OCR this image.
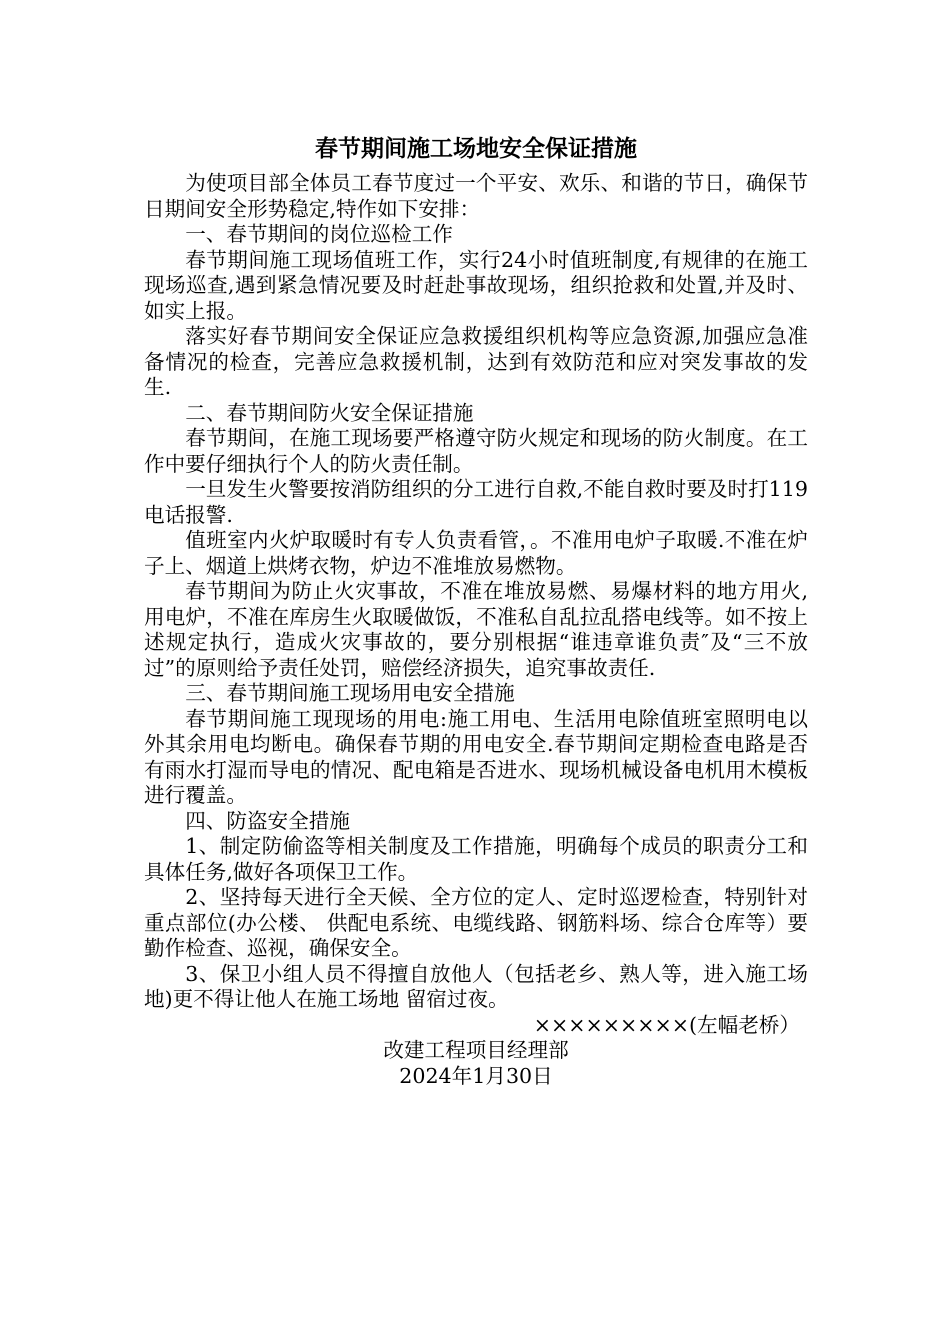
春节期间施工场地安全保证措施

为使项目部全体员工春节度过一个平安、欢乐、和谐的节日，确保节日期间安全形势稳定,特作如下安排：

一、春节期间的岗位巡检工作

春节期间施工现场值班工作，实行24小时值班制度,有规律的在施工现场巡查,遇到紧急情况要及时赶赴事故现场，组织抢救和处置,并及时、如实上报。

落实好春节期间安全保证应急救援组织机构等应急资源,加强应急准备情况的检查，完善应急救援机制，达到有效防范和应对突发事故的发生.

二、春节期间防火安全保证措施

春节期间，在施工现场要严格遵守防火规定和现场的防火制度。在工作中要仔细执行个人的防火责任制。

一旦发生火警要按消防组织的分工进行自救,不能自救时要及时打119电话报警.

值班室内火炉取暖时有专人负责看管，。不准用电炉子取暖.不准在炉子上、烟道上烘烤衣物，炉边不准堆放易燃物。

春节期间为防止火灾事故，不准在堆放易燃、易爆材料的地方用火,用电炉，不准在库房生火取暖做饭，不准私自乱拉乱搭电线等。如不按上述规定执行，造成火灾事故的，要分别根据“谁违章谁负责″及“三不放过”的原则给予责任处罚，赔偿经济损失，追究事故责任.

三、春节期间施工现场用电安全措施

春节期间施工现现场的用电:施工用电、生活用电除值班室照明电以外其余用电均断电。确保春节期的用电安全.春节期间定期检查电路是否有雨水打湿而导电的情况、配电箱是否进水、现场机械设备电机用木模板进行覆盖。

四、防盗安全措施

1、制定防偷盗等相关制度及工作措施，明确每个成员的职责分工和具体任务,做好各项保卫工作。

2、坚持每天进行全天候、全方位的定人、定时巡逻检查，特别针对重点部位(办公楼、 供配电系统、电缆线路、钢筋料场、综合仓库等）要勤作检查、巡视，确保安全。

3、保卫小组人员不得擅自放他人（包括老乡、熟人等，进入施工场地)更不得让他人在施工场地 留宿过夜。

×××××××××(左幅老桥）

改建工程项目经理部

2024年1月30日
